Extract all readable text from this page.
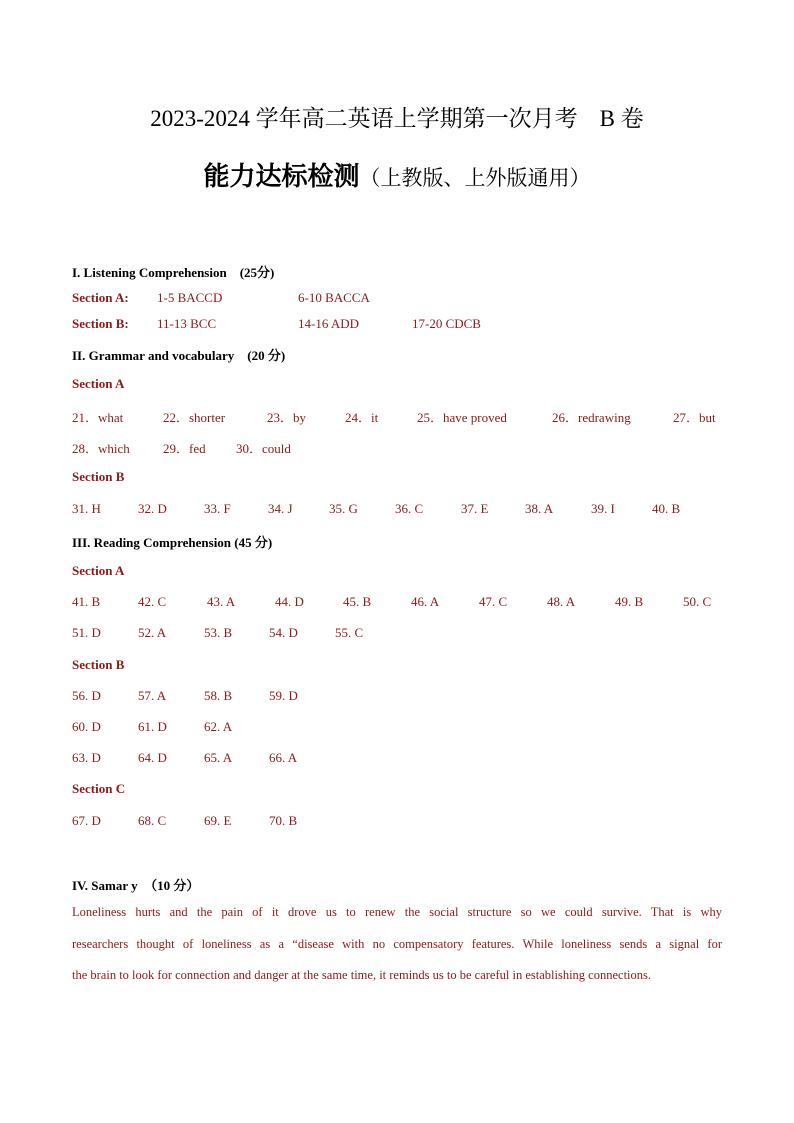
2023-2024 学年高二英语上学期第一次月考 B 卷
能力达标检测（上教版、上外版通用）
I. Listening Comprehension　(25分)
Section A: 1-5 BACCD	6-10 BACCA
Section B: 11-13 BCC	14-16 ADD	17-20 CDCB
II. Grammar and vocabulary　(20 分)
Section A
21．what	22．shorter	23．by	24．it	25．have proved	26．redrawing	27．but
28．which	29．fed 30．could
Section B
31. H	32. D	33. F	34. J	35. G	36. C	37. E	38. A	39. I	40. B
III. Reading Comprehension (45 分)
Section A
41. B	42. C	43. A	44. D	45. B	46. A	47. C	48. A	49. B	50. C
51. D	52. A	53. B	54. D	55. C
Section B
56. D	57. A	58. B	59. D
60. D	61. D	62. A
63. D	64. D	65. A	66. A
Section C
67. D	68. C	69. E	70. B
IV. Samar y　（10 分）
Loneliness hurts and the pain of it drove us to renew the social structure so we could survive. That is why
researchers thought of loneliness as a “disease with no compensatory features. While loneliness sends a signal for
the brain to look for connection and danger at the same time, it reminds us to be careful in establishing connections.
